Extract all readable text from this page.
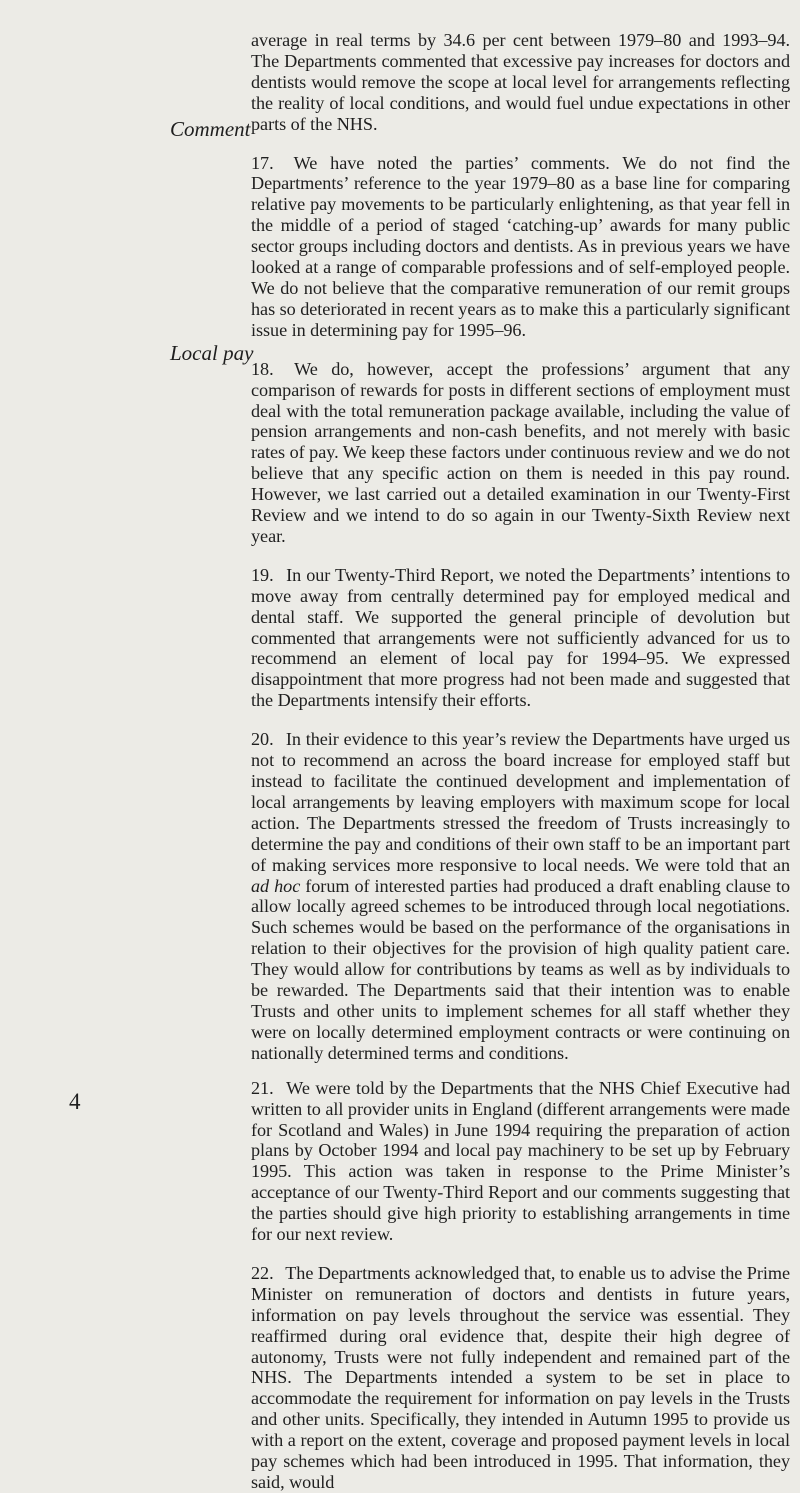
Comment
Local pay

average in real terms by 34.6 per cent between 1979–80 and 1993–94. The Departments commented that excessive pay increases for doctors and dentists would remove the scope at local level for arrangements reflecting the reality of local conditions, and would fuel undue expectations in other parts of the NHS.

17. We have noted the parties’ comments. We do not find the Departments’ reference to the year 1979–80 as a base line for comparing relative pay movements to be particularly enlightening, as that year fell in the middle of a period of staged ‘catching-up’ awards for many public sector groups including doctors and dentists. As in previous years we have looked at a range of comparable professions and of self-employed people. We do not believe that the comparative remuneration of our remit groups has so deteriorated in recent years as to make this a particularly significant issue in determining pay for 1995–96.

18. We do, however, accept the professions’ argument that any comparison of rewards for posts in different sections of employment must deal with the total remuneration package available, including the value of pension arrangements and non-cash benefits, and not merely with basic rates of pay. We keep these factors under continuous review and we do not believe that any specific action on them is needed in this pay round. However, we last carried out a detailed examination in our Twenty-First Review and we intend to do so again in our Twenty-Sixth Review next year.

19. In our Twenty-Third Report, we noted the Departments’ intentions to move away from centrally determined pay for employed medical and dental staff. We supported the general principle of devolution but commented that arrangements were not sufficiently advanced for us to recommend an element of local pay for 1994–95. We expressed disappointment that more progress had not been made and suggested that the Departments intensify their efforts.

20. In their evidence to this year’s review the Departments have urged us not to recommend an across the board increase for employed staff but instead to facilitate the continued development and implementation of local arrangements by leaving employers with maximum scope for local action. The Departments stressed the freedom of Trusts increasingly to determine the pay and conditions of their own staff to be an important part of making services more responsive to local needs. We were told that an ad hoc forum of interested parties had produced a draft enabling clause to allow locally agreed schemes to be introduced through local negotiations. Such schemes would be based on the performance of the organisations in relation to their objectives for the provision of high quality patient care. They would allow for contributions by teams as well as by individuals to be rewarded. The Departments said that their intention was to enable Trusts and other units to implement schemes for all staff whether they were on locally determined employment contracts or were continuing on nationally determined terms and conditions.

21. We were told by the Departments that the NHS Chief Executive had written to all provider units in England (different arrangements were made for Scotland and Wales) in June 1994 requiring the preparation of action plans by October 1994 and local pay machinery to be set up by February 1995. This action was taken in response to the Prime Minister’s acceptance of our Twenty-Third Report and our comments suggesting that the parties should give high priority to establishing arrangements in time for our next review.

22. The Departments acknowledged that, to enable us to advise the Prime Minister on remuneration of doctors and dentists in future years, information on pay levels throughout the service was essential. They reaffirmed during oral evidence that, despite their high degree of autonomy, Trusts were not fully independent and remained part of the NHS. The Departments intended a system to be set in place to accommodate the requirement for information on pay levels in the Trusts and other units. Specifically, they intended in Autumn 1995 to provide us with a report on the extent, coverage and proposed payment levels in local pay schemes which had been introduced in 1995. That information, they said, would

4
